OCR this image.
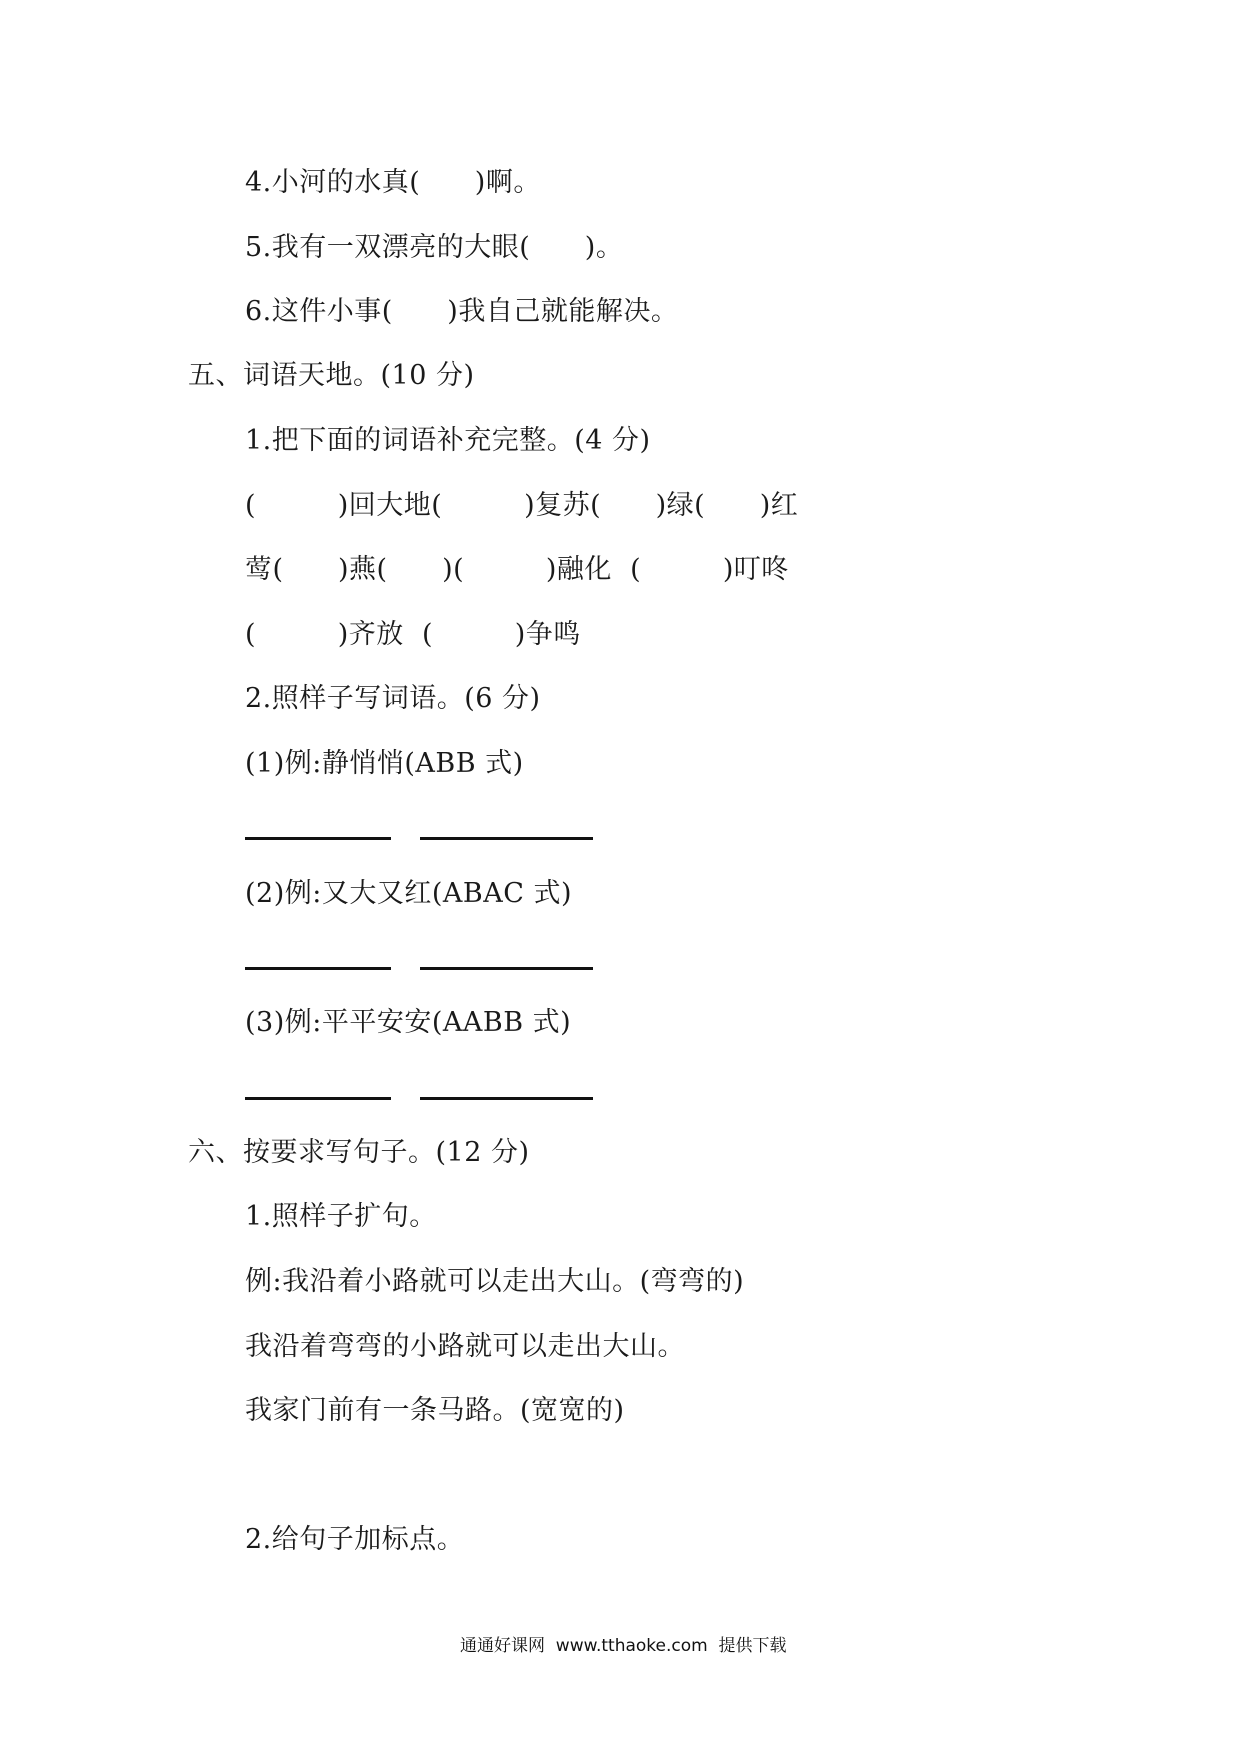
4.小河的水真(      )啊。
5.我有一双漂亮的大眼(      )。
6.这件小事(      )我自己就能解决。
五、词语天地。(10 分)
1.把下面的词语补充完整。(4 分)
(         )回大地(         )复苏(      )绿(      )红
莺(      )燕(      )(         )融化  (         )叮咚
(         )齐放  (         )争鸣
2.照样子写词语。(6 分)
(1)例:静悄悄(ABB 式)
(2)例:又大又红(ABAC 式)
(3)例:平平安安(AABB 式)
六、按要求写句子。(12 分)
1.照样子扩句。
例:我沿着小路就可以走出大山。(弯弯的)
我沿着弯弯的小路就可以走出大山。
我家门前有一条马路。(宽宽的)
2.给句子加标点。
通通好课网  www.tthaoke.com  提供下载
